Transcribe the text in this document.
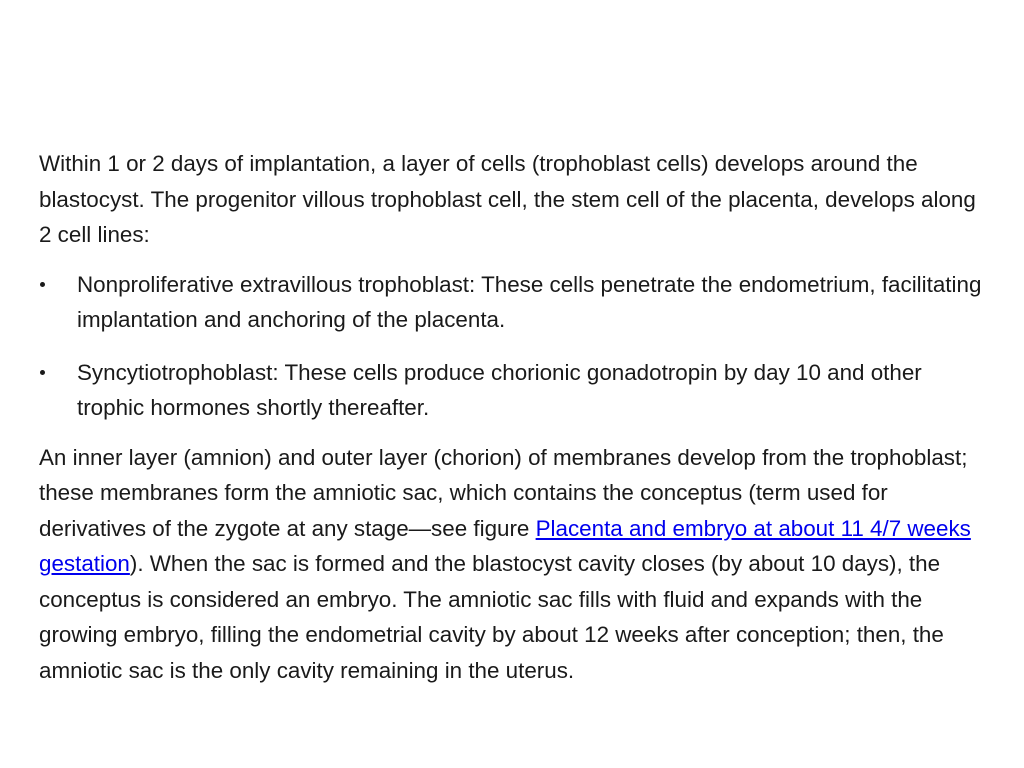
Within 1 or 2 days of implantation, a layer of cells (trophoblast cells) develops around the blastocyst. The progenitor villous trophoblast cell, the stem cell of the placenta, develops along 2 cell lines:

Nonproliferative extravillous trophoblast: These cells penetrate the endometrium, facilitating implantation and anchoring of the placenta.
Syncytiotrophoblast: These cells produce chorionic gonadotropin by day 10 and other trophic hormones shortly thereafter.

An inner layer (amnion) and outer layer (chorion) of membranes develop from the trophoblast; these membranes form the amniotic sac, which contains the conceptus (term used for derivatives of the zygote at any stage—see figure Placenta and embryo at about 11 4/7 weeks gestation). When the sac is formed and the blastocyst cavity closes (by about 10 days), the conceptus is considered an embryo. The amniotic sac fills with fluid and expands with the growing embryo, filling the endometrial cavity by about 12 weeks after conception; then, the amniotic sac is the only cavity remaining in the uterus.
